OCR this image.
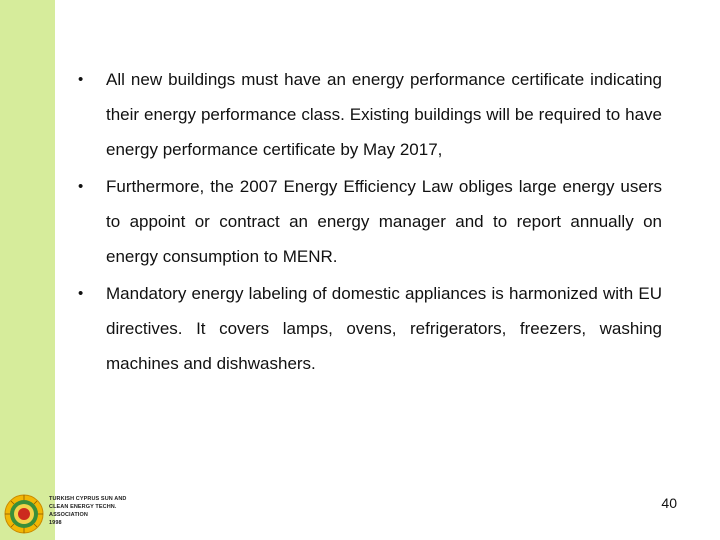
• All new buildings must have an energy performance certificate indicating their energy performance class. Existing buildings will be required to have energy performance certificate by May 2017,

• Furthermore, the 2007 Energy Efficiency Law obliges large energy users to appoint or contract an energy manager and to report annually on energy consumption to MENR.

• Mandatory energy labeling of domestic appliances is harmonized with EU directives. It covers lamps, ovens, refrigerators, freezers, washing machines and dishwashers.

TURKISH CYPRUS SUN AND
CLEAN ENERGY TECHN.
ASSOCIATION
1998
40
